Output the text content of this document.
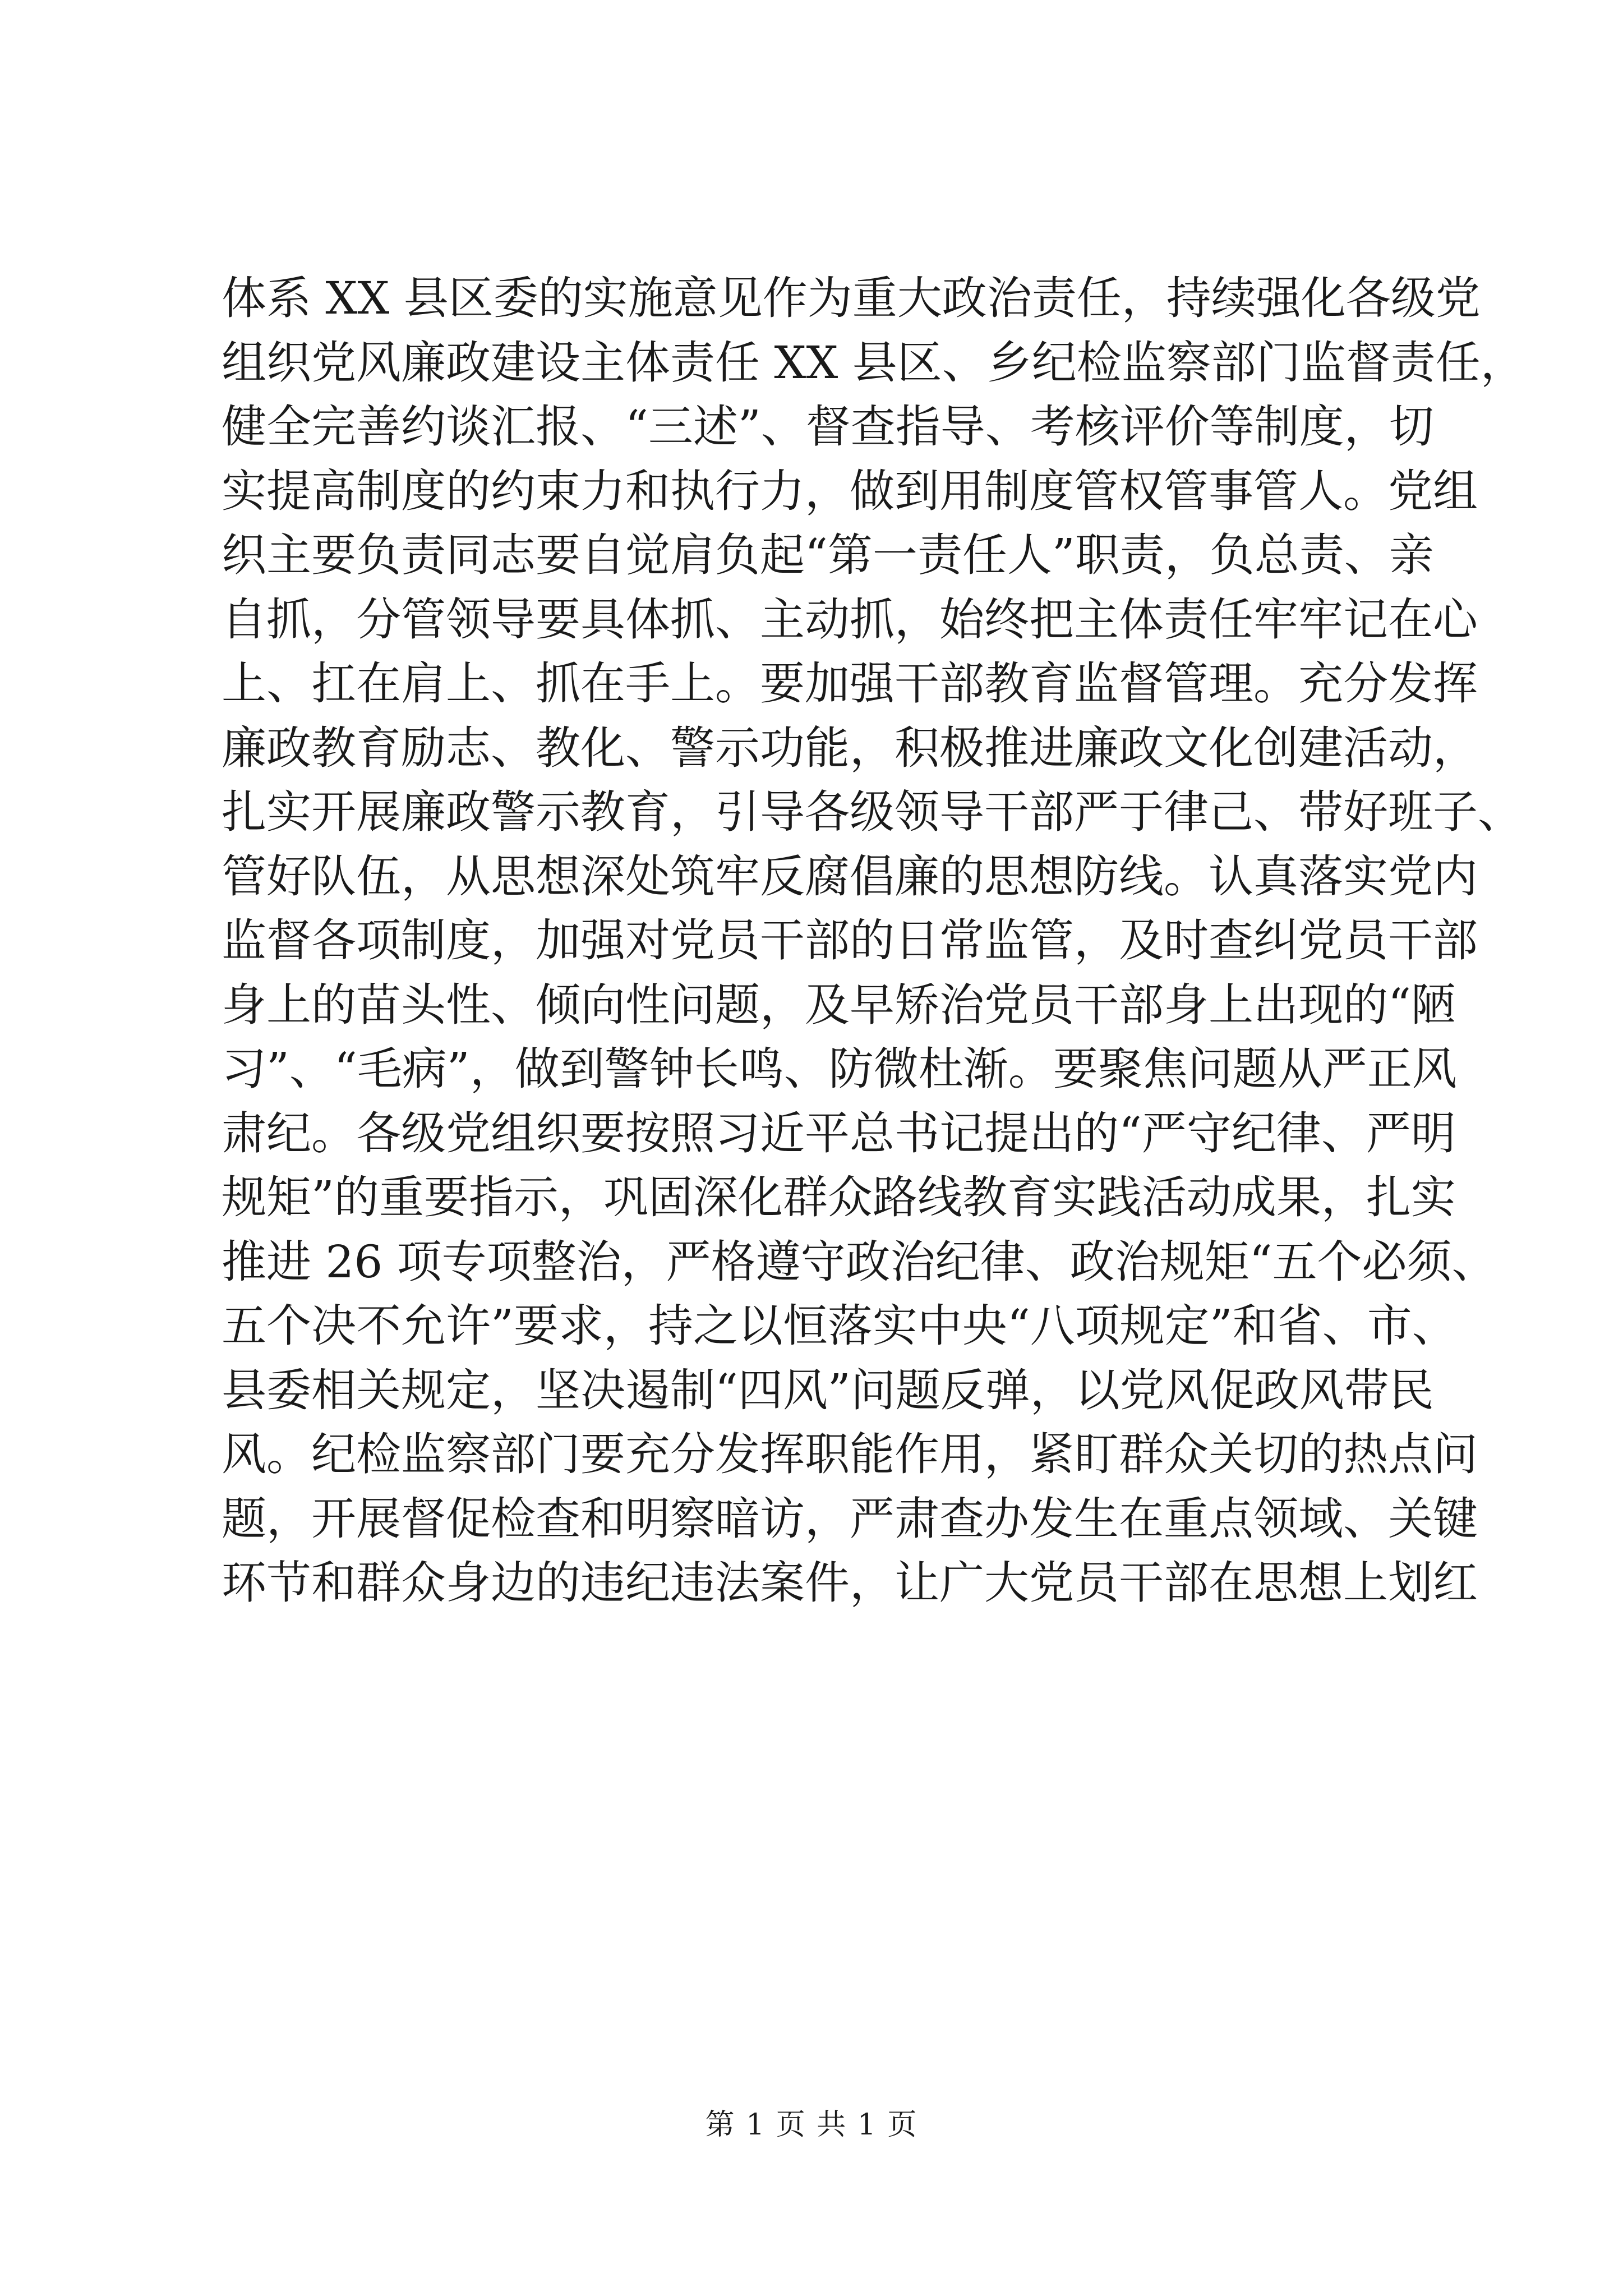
体系 XX 县区委的实施意见作为重大政治责任，持续强化各级党
组织党风廉政建设主体责任 XX 县区、乡纪检监察部门监督责任，
健全完善约谈汇报、“三述”、督查指导、考核评价等制度，切
实提高制度的约束力和执行力，做到用制度管权管事管人。党组
织主要负责同志要自觉肩负起“第一责任人”职责，负总责、亲
自抓，分管领导要具体抓、主动抓，始终把主体责任牢牢记在心
上、扛在肩上、抓在手上。要加强干部教育监督管理。充分发挥
廉政教育励志、教化、警示功能，积极推进廉政文化创建活动，
扎实开展廉政警示教育，引导各级领导干部严于律己、带好班子、
管好队伍，从思想深处筑牢反腐倡廉的思想防线。认真落实党内
监督各项制度，加强对党员干部的日常监管，及时查纠党员干部
身上的苗头性、倾向性问题，及早矫治党员干部身上出现的“陋
习”、“毛病”，做到警钟长鸣、防微杜渐。要聚焦问题从严正风
肃纪。各级党组织要按照习近平总书记提出的“严守纪律、严明
规矩”的重要指示，巩固深化群众路线教育实践活动成果，扎实
推进 26 项专项整治，严格遵守政治纪律、政治规矩“五个必须、
五个决不允许”要求，持之以恒落实中央“八项规定”和省、市、
县委相关规定，坚决遏制“四风”问题反弹，以党风促政风带民
风。纪检监察部门要充分发挥职能作用，紧盯群众关切的热点问
题，开展督促检查和明察暗访，严肃查办发生在重点领域、关键
环节和群众身边的违纪违法案件，让广大党员干部在思想上划红
第 1 页 共 1 页
